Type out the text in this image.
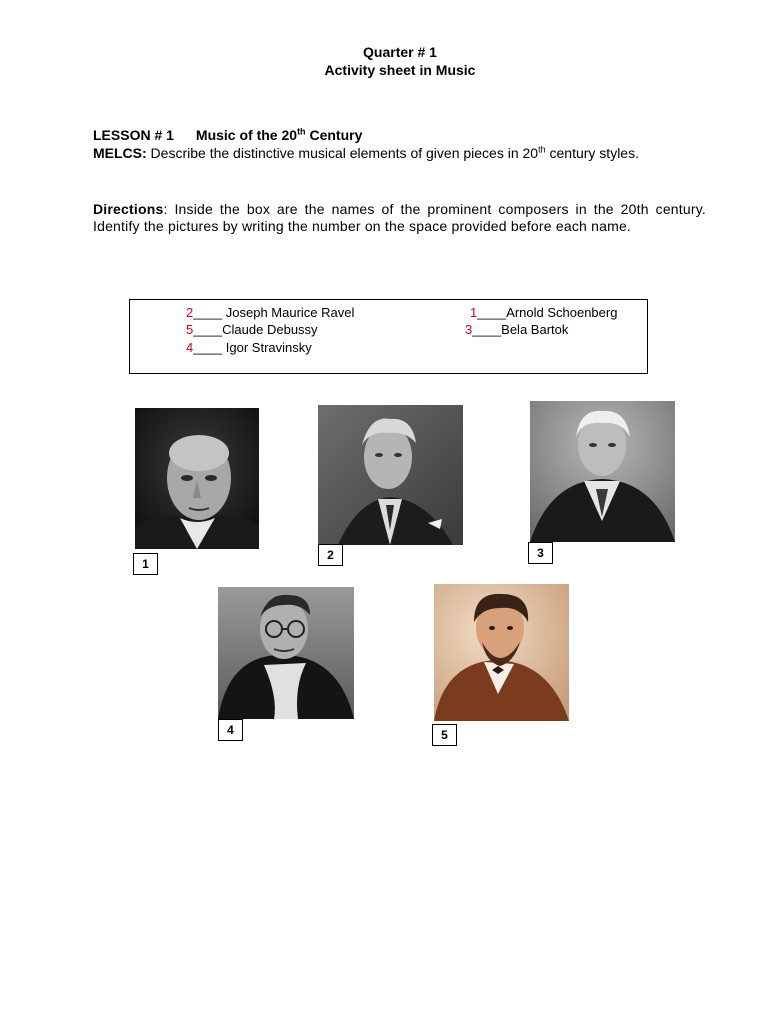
Quarter # 1
Activity sheet in Music
LESSON # 1 Music of the 20th Century
MELCS: Describe the distinctive musical elements of given pieces in 20th century styles.
Directions: Inside the box are the names of the prominent composers in the 20th century. Identify the pictures by writing the number on the space provided before each name.
2____ Joseph Maurice Ravel	1____Arnold Schoenberg
5____Claude Debussy	3____Bela Bartok
4____ Igor Stravinsky
1
2	3
4	5
